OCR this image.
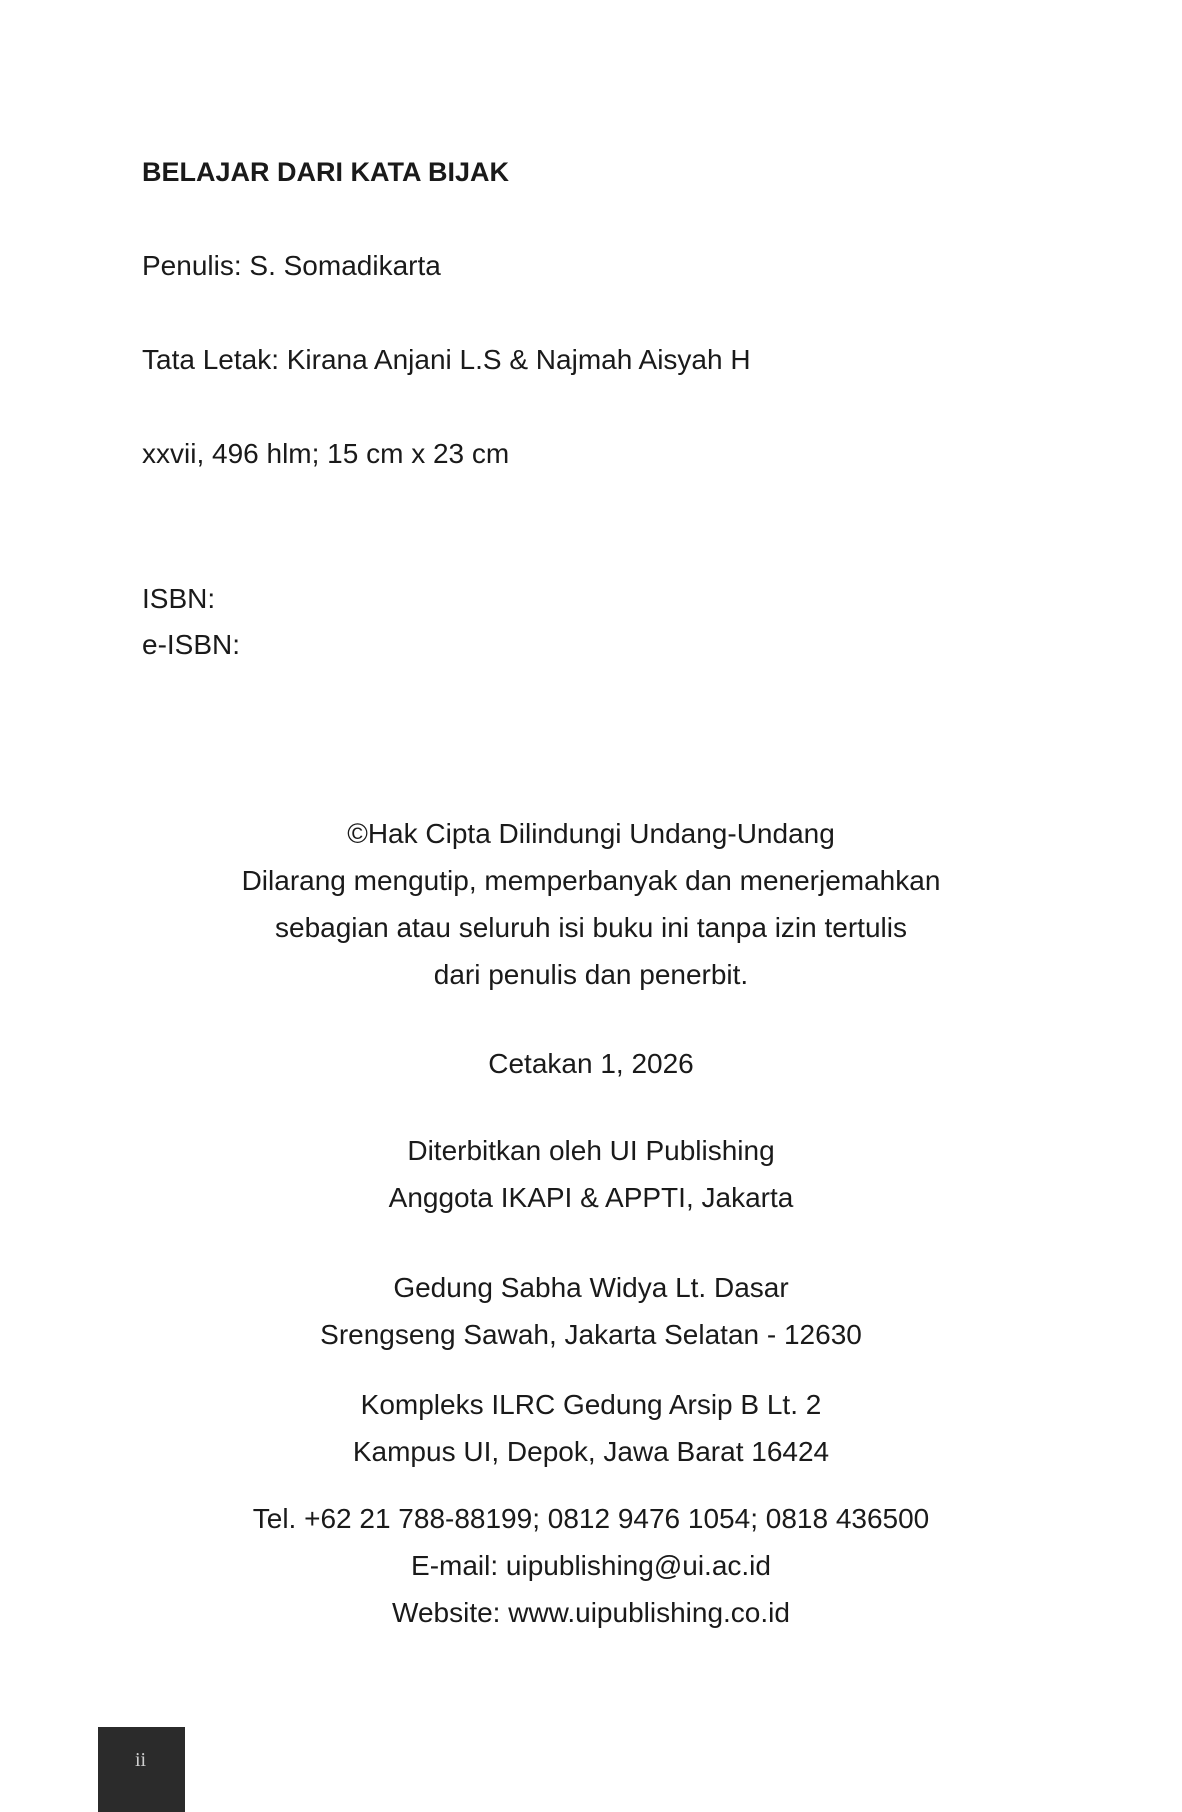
BELAJAR DARI KATA BIJAK
Penulis: S. Somadikarta
Tata Letak: Kirana Anjani L.S & Najmah Aisyah H
xxvii, 496 hlm; 15 cm x 23 cm
ISBN:
e-ISBN:
©Hak Cipta Dilindungi Undang-Undang
Dilarang mengutip, memperbanyak dan menerjemahkan
sebagian atau seluruh isi buku ini tanpa izin tertulis
dari penulis dan penerbit.
Cetakan 1, 2026
Diterbitkan oleh UI Publishing
Anggota IKAPI & APPTI, Jakarta
Gedung Sabha Widya Lt. Dasar
Srengseng Sawah, Jakarta Selatan - 12630
Kompleks ILRC Gedung Arsip B Lt. 2
Kampus UI, Depok, Jawa Barat 16424
Tel. +62 21 788-88199; 0812 9476 1054; 0818 436500
E-mail: uipublishing@ui.ac.id
Website: www.uipublishing.co.id
ii
